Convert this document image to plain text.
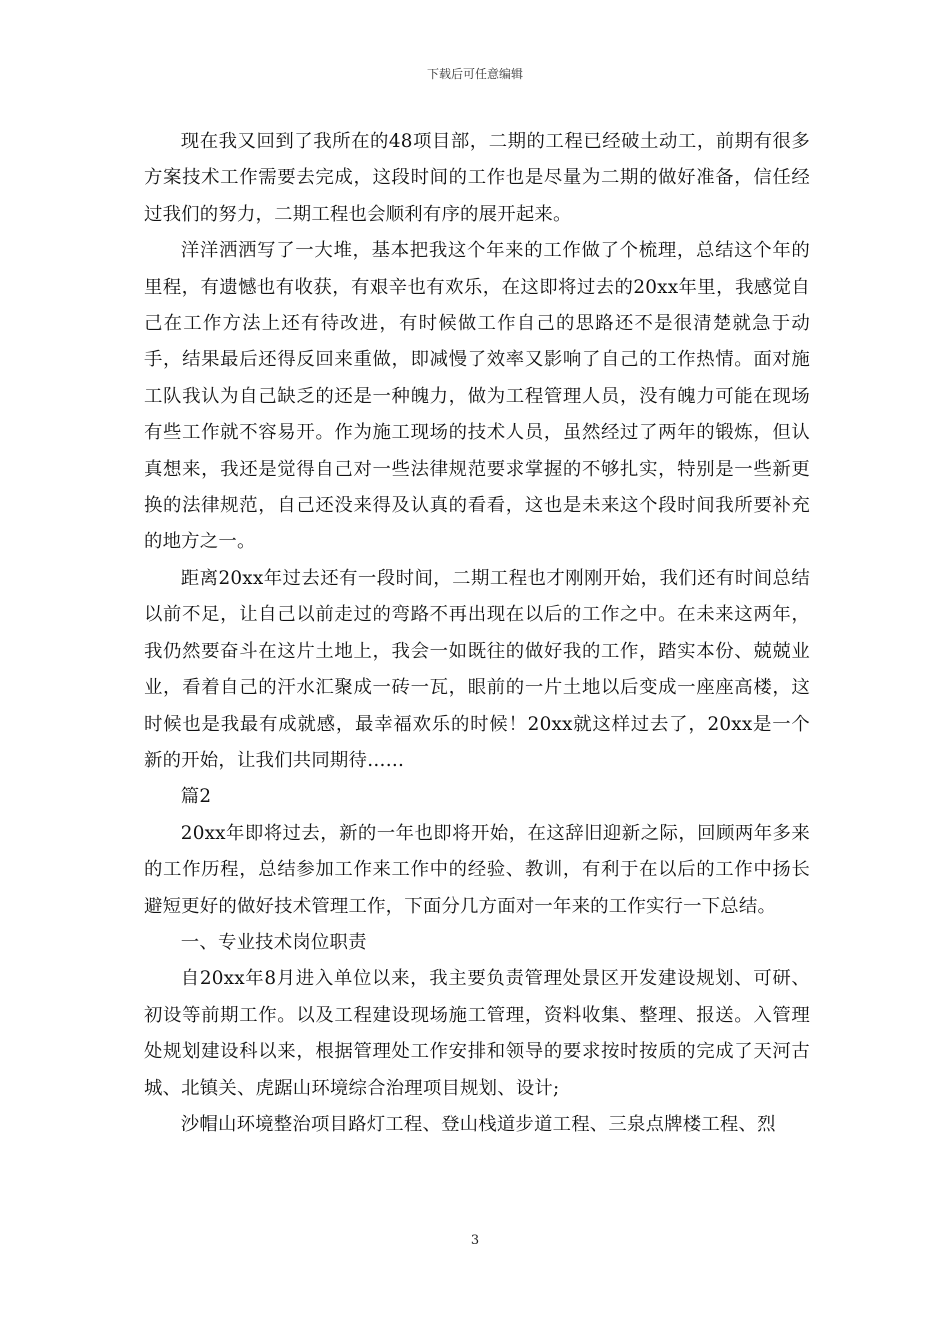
下载后可任意编辑

现在我又回到了我所在的48项目部，二期的工程已经破土动工，前期有很多方案技术工作需要去完成，这段时间的工作也是尽量为二期的做好准备，信任经过我们的努力，二期工程也会顺利有序的展开起来。

洋洋洒洒写了一大堆，基本把我这个年来的工作做了个梳理，总结这个年的里程，有遗憾也有收获，有艰辛也有欢乐，在这即将过去的20xx年里，我感觉自己在工作方法上还有待改进，有时候做工作自己的思路还不是很清楚就急于动手，结果最后还得反回来重做，即减慢了效率又影响了自己的工作热情。面对施工队我认为自己缺乏的还是一种魄力，做为工程管理人员，没有魄力可能在现场有些工作就不容易开。作为施工现场的技术人员，虽然经过了两年的锻炼，但认真想来，我还是觉得自己对一些法律规范要求掌握的不够扎实，特别是一些新更换的法律规范，自己还没来得及认真的看看，这也是未来这个段时间我所要补充的地方之一。

距离20xx年过去还有一段时间，二期工程也才刚刚开始，我们还有时间总结以前不足，让自己以前走过的弯路不再出现在以后的工作之中。在未来这两年，我仍然要奋斗在这片土地上，我会一如既往的做好我的工作，踏实本份、兢兢业业，看着自己的汗水汇聚成一砖一瓦，眼前的一片土地以后变成一座座高楼，这时候也是我最有成就感，最幸福欢乐的时候！20xx就这样过去了，20xx是一个新的开始，让我们共同期待……

篇2

20xx年即将过去，新的一年也即将开始，在这辞旧迎新之际，回顾两年多来的工作历程，总结参加工作来工作中的经验、教训，有利于在以后的工作中扬长避短更好的做好技术管理工作，下面分几方面对一年来的工作实行一下总结。

一、专业技术岗位职责

自20xx年8月进入单位以来，我主要负责管理处景区开发建设规划、可研、初设等前期工作。以及工程建设现场施工管理，资料收集、整理、报送。入管理处规划建设科以来，根据管理处工作安排和领导的要求按时按质的完成了天河古城、北镇关、虎踞山环境综合治理项目规划、设计;

沙帽山环境整治项目路灯工程、登山栈道步道工程、三泉点牌楼工程、烈

3
